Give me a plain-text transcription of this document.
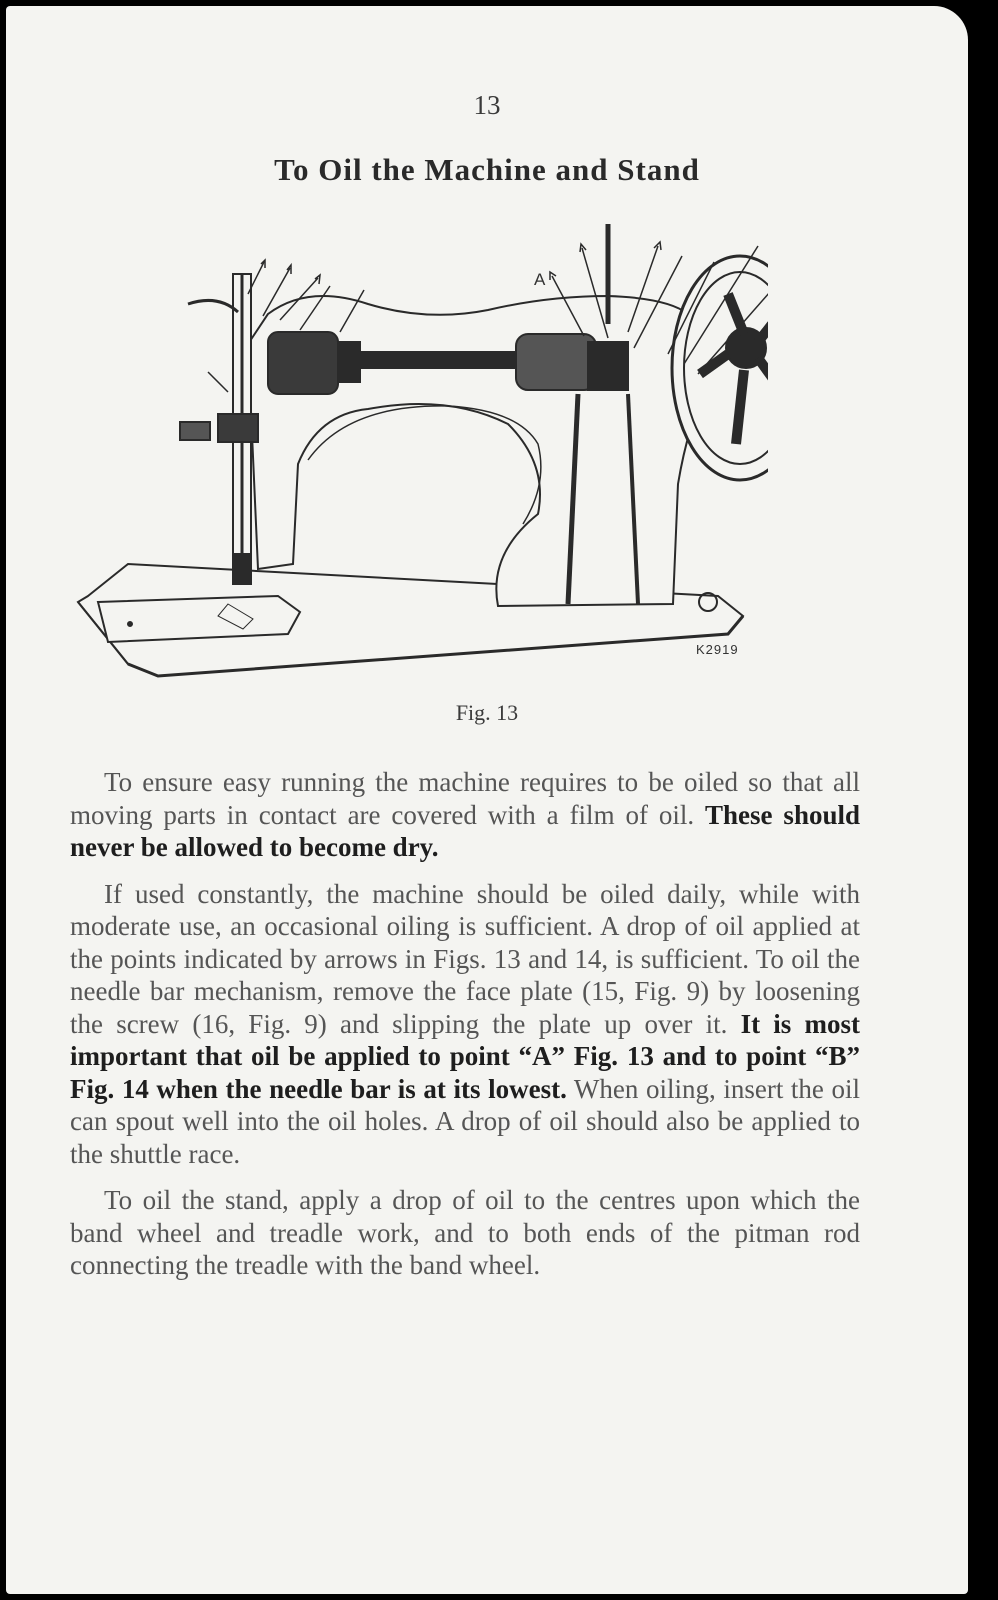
13
To Oil the Machine and Stand
A
K2919
Fig. 13

To ensure easy running the machine requires to be oiled so that all moving parts in contact are covered with a film of oil. These should never be allowed to become dry.

If used constantly, the machine should be oiled daily, while with moderate use, an occasional oiling is sufficient. A drop of oil applied at the points indicated by arrows in Figs. 13 and 14, is sufficient. To oil the needle bar mechanism, remove the face plate (15, Fig. 9) by loosening the screw (16, Fig. 9) and slipping the plate up over it. It is most important that oil be applied to point “A” Fig. 13 and to point “B” Fig. 14 when the needle bar is at its lowest. When oiling, insert the oil can spout well into the oil holes. A drop of oil should also be applied to the shuttle race.

To oil the stand, apply a drop of oil to the centres upon which the band wheel and treadle work, and to both ends of the pitman rod connecting the treadle with the band wheel.
